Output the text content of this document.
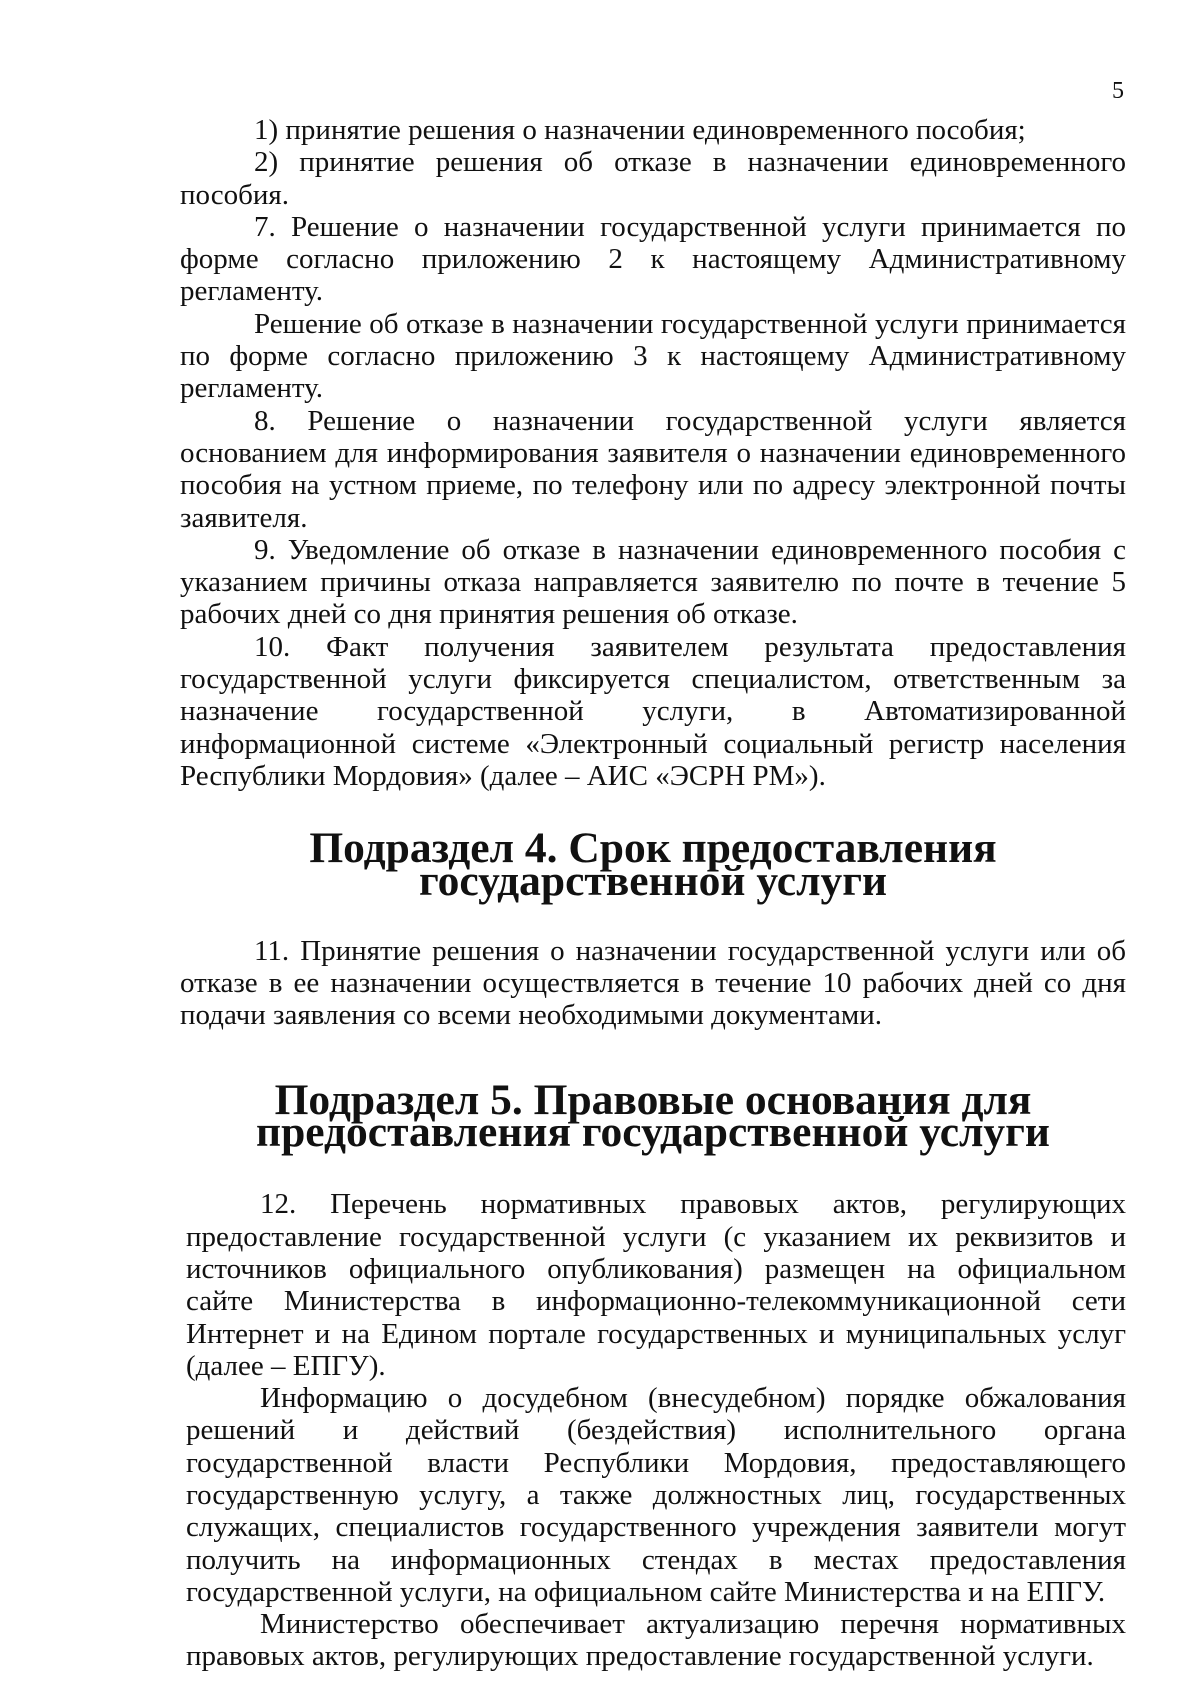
5

1) принятие решения о назначении единовременного пособия;

2) принятие решения об отказе в назначении единовременного пособия.

7. Решение о назначении государственной услуги принимается по форме согласно приложению 2 к настоящему Административному регламенту.

Решение об отказе в назначении государственной услуги принимается по форме согласно приложению 3 к настоящему Административному регламенту.

8. Решение о назначении государственной услуги является основанием для информирования заявителя о назначении единовременного пособия на устном приеме, по телефону или по адресу электронной почты заявителя.

9. Уведомление об отказе в назначении единовременного пособия с указанием причины отказа направляется заявителю по почте в течение 5 рабочих дней со дня принятия решения об отказе.

10. Факт получения заявителем результата предоставления государственной услуги фиксируется специалистом, ответственным за назначение государственной услуги, в Автоматизированной информационной системе «Электронный социальный регистр населения Республики Мордовия» (далее – АИС «ЭСРН РМ»).

Подраздел 4. Срок предоставления государственной услуги

11. Принятие решения о назначении государственной услуги или об отказе в ее назначении осуществляется в течение 10 рабочих дней со дня подачи заявления со всеми необходимыми документами.

Подраздел 5. Правовые основания для предоставления государственной услуги

12. Перечень нормативных правовых актов, регулирующих предоставление государственной услуги (с указанием их реквизитов и источников официального опубликования) размещен на официальном сайте Министерства в информационно-телекоммуникационной сети Интернет и на Едином портале государственных и муниципальных услуг (далее – ЕПГУ).

Информацию о досудебном (внесудебном) порядке обжалования решений и действий (бездействия) исполнительного органа государственной власти Республики Мордовия, предоставляющего государственную услугу, а также должностных лиц, государственных служащих, специалистов государственного учреждения заявители могут получить на информационных стендах в местах предоставления государственной услуги, на официальном сайте Министерства и на ЕПГУ.

Министерство обеспечивает актуализацию перечня нормативных правовых актов, регулирующих предоставление государственной услуги.
